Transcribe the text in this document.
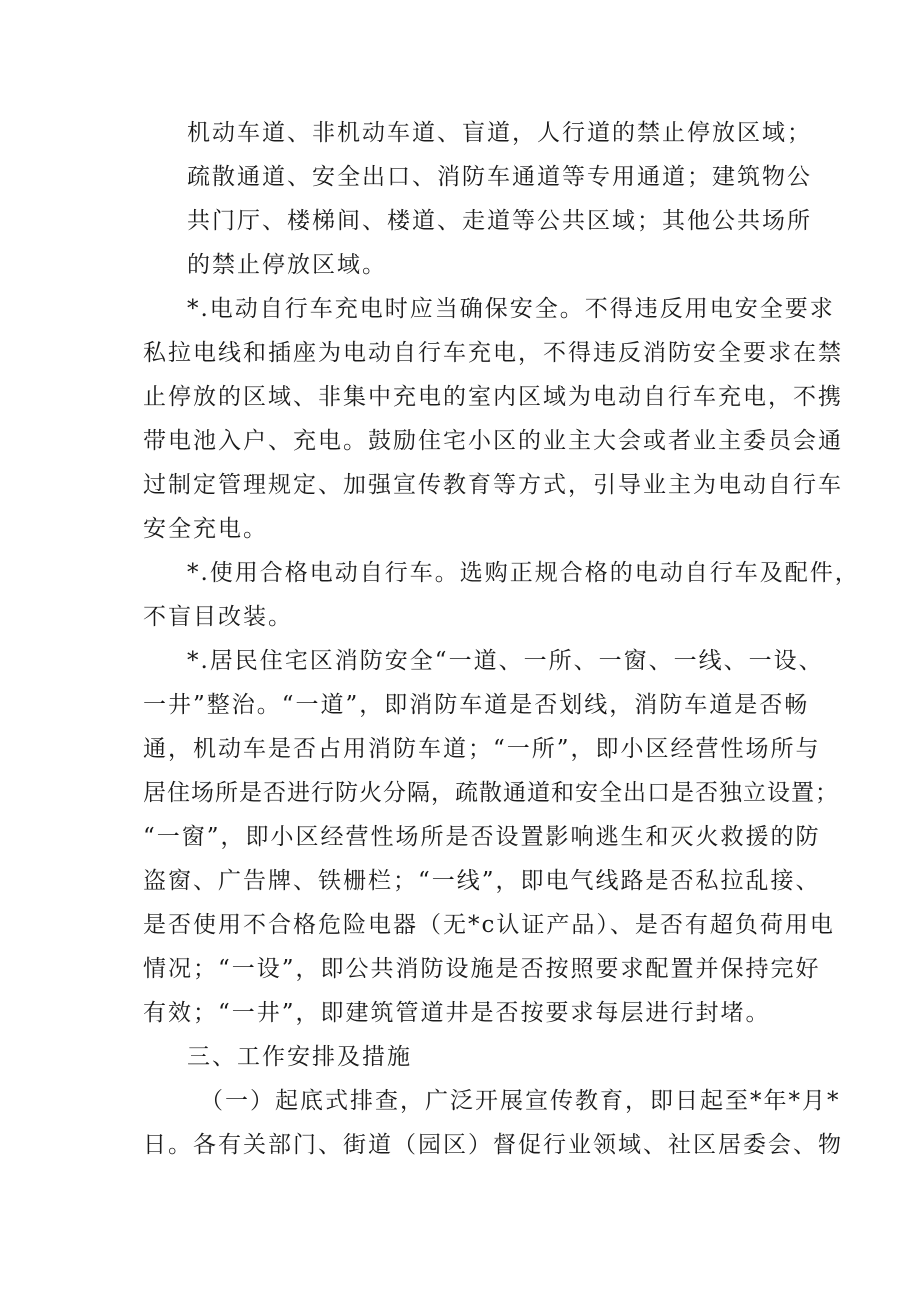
机动车道、非机动车道、盲道，人行道的禁止停放区域；
疏散通道、安全出口、消防车通道等专用通道；建筑物公
共门厅、楼梯间、楼道、走道等公共区域；其他公共场所
的禁止停放区域。
*.电动自行车充电时应当确保安全。不得违反用电安全要求
私拉电线和插座为电动自行车充电，不得违反消防安全要求在禁
止停放的区域、非集中充电的室内区域为电动自行车充电，不携
带电池入户、充电。鼓励住宅小区的业主大会或者业主委员会通
过制定管理规定、加强宣传教育等方式，引导业主为电动自行车
安全充电。
*.使用合格电动自行车。选购正规合格的电动自行车及配件，
不盲目改装。
*.居民住宅区消防安全“一道、一所、一窗、一线、一设、
一井”整治。“一道”，即消防车道是否划线，消防车道是否畅
通，机动车是否占用消防车道；“一所”，即小区经营性场所与
居住场所是否进行防火分隔，疏散通道和安全出口是否独立设置；
“一窗”，即小区经营性场所是否设置影响逃生和灭火救援的防
盗窗、广告牌、铁栅栏；“一线”，即电气线路是否私拉乱接、
是否使用不合格危险电器（无*c认证产品）、是否有超负荷用电
情况；“一设”，即公共消防设施是否按照要求配置并保持完好
有效；“一井”，即建筑管道井是否按要求每层进行封堵。
三、工作安排及措施
（一）起底式排查，广泛开展宣传教育，即日起至*年*月*
日。各有关部门、街道（园区）督促行业领域、社区居委会、物
